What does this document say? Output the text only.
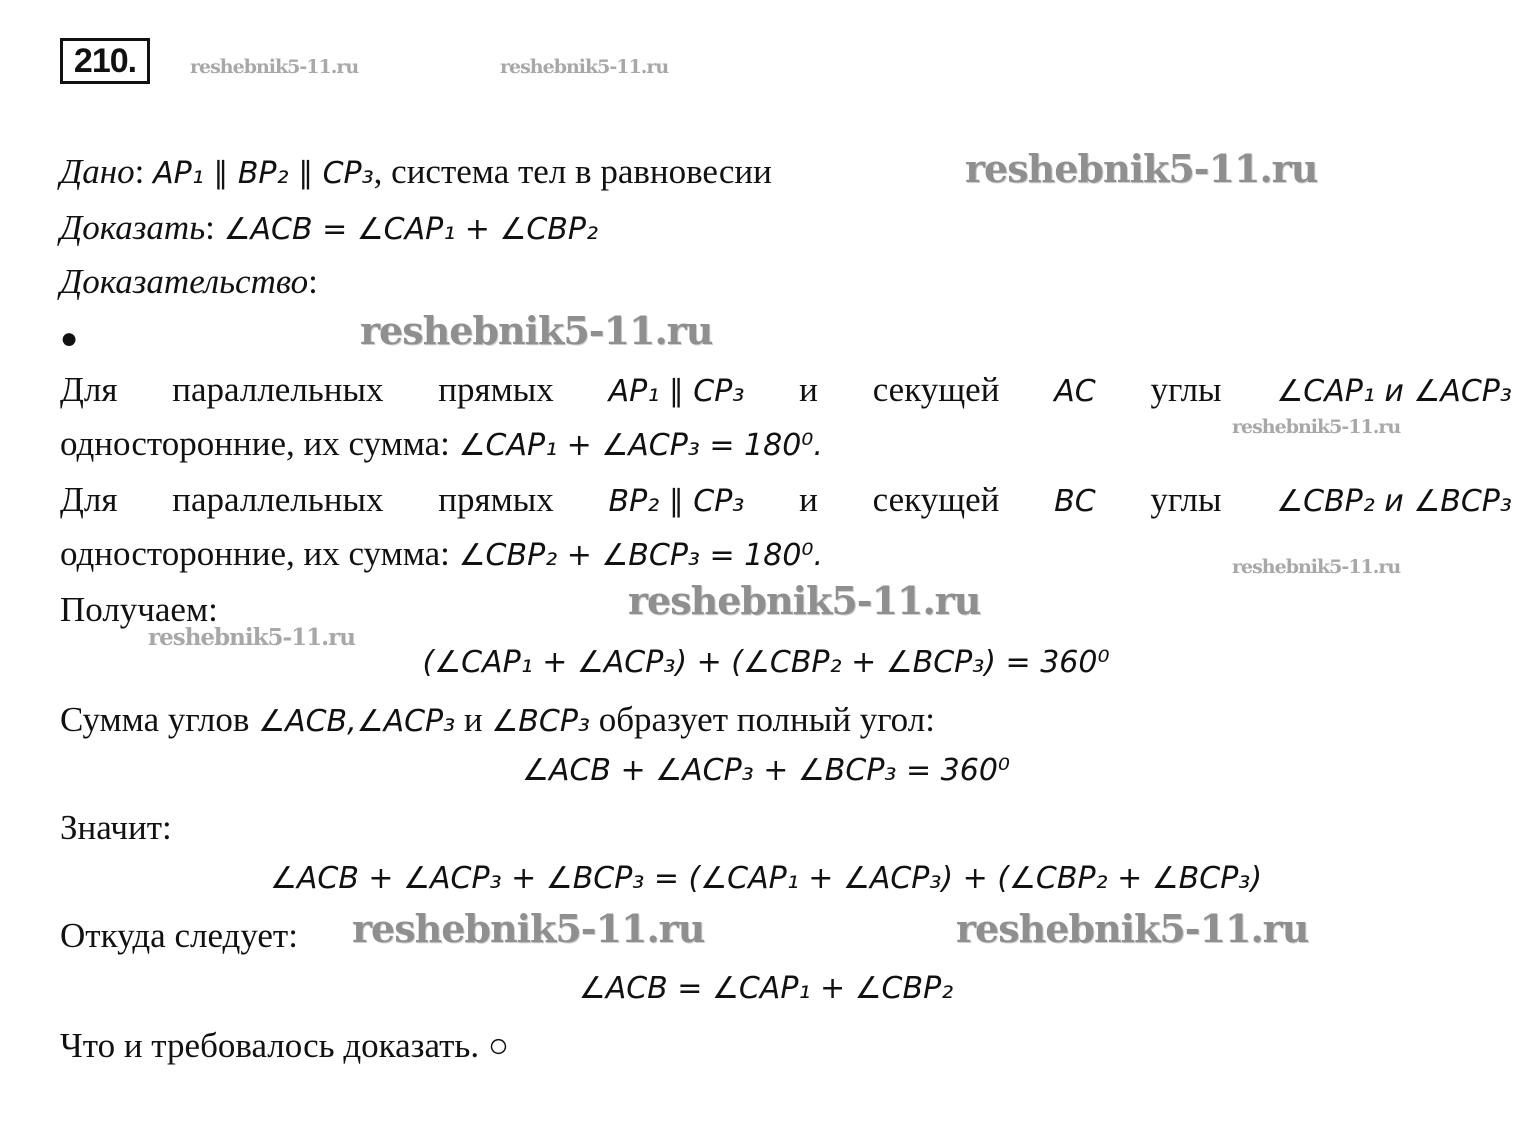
210.	reshebnik5-11.ru	reshebnik5-11.ru
Дано: AP₁ ∥ BP₂ ∥ CP₃, система тел в равновесии	reshebnik5-11.ru
Доказать: ∠ACB = ∠CAP₁ + ∠CBP₂
Доказательство:
●	reshebnik5-11.ru
Для параллельных прямых AP₁ ∥ CP₃ и секущей AC углы ∠CAP₁ и ∠ACP₃
односторонние, их сумма: ∠CAP₁ + ∠ACP₃ = 180⁰.
reshebnik5-11.ru
Для параллельных прямых BP₂ ∥ CP₃ и секущей BC углы ∠CBP₂ и ∠BCP₃
односторонние, их сумма: ∠CBP₂ + ∠BCP₃ = 180⁰.	reshebnik5-11.ru
Получаем:	reshebnik5-11.ru
reshebnik5-11.ru
(∠CAP₁ + ∠ACP₃) + (∠CBP₂ + ∠BCP₃) = 360⁰
Сумма углов ∠ACB,∠ACP₃ и ∠BCP₃ образует полный угол:
∠ACB + ∠ACP₃ + ∠BCP₃ = 360⁰
Значит:
∠ACB + ∠ACP₃ + ∠BCP₃ = (∠CAP₁ + ∠ACP₃) + (∠CBP₂ + ∠BCP₃)
Откуда следует: reshebnik5-11.ru	reshebnik5-11.ru
∠ACB = ∠CAP₁ + ∠CBP₂
Что и требовалось доказать. ○
